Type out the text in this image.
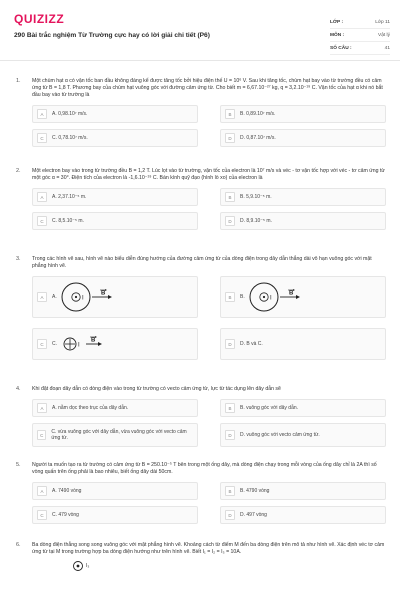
QUIZIZZ
290 Bài trắc nghiệm Từ Trường cực hay có lời giải chi tiết (P6)
LỚP :	Lớp 11
MÔN :	Vật lý
SỐ CÂU :	41
1. Một chùm hạt α có vận tốc ban đầu không đáng kể được tăng tốc bởi hiệu điện thế U = 10⁶ V. Sau khi tăng tốc, chùm hạt bay vào từ trường đều có cảm ứng từ B = 1,8 T. Phương bay của chùm hạt vuông góc với đường cảm ứng từ. Cho biết m = 6,67.10⁻²⁷ kg, q = 3,2.10⁻¹⁹ C. Vận tốc của hạt α khi nó bắt đầu bay vào từ trường là
A	A. 0,98.10⁷ m/s.	B	B. 0,89.10⁷ m/s.
C	C. 0,78.10⁷ m/s.	D	D. 0,87.10⁷ m/s.
2. Một electron bay vào trong từ trường đều B = 1,2 T. Lúc lọt vào từ trường, vận tốc của electron là 10⁷ m/s và véc - tơ vận tốc hợp với véc - tơ cảm ứng từ một góc α = 30°. Điện tích của electron là -1,6.10⁻¹⁹ C. Bán kính quỹ đạo (hình lò xo) của electron là
A	A. 2,37.10⁻⁵ m.	B	B. 5,9.10⁻⁵ m.
C	C. 8,5.10⁻⁵ m.	D	D. 8,9.10⁻⁵ m.
3. Trong các hình vẽ sau, hình vẽ nào biểu diễn đúng hướng của đường cảm ứng từ của dòng điện trong dây dẫn thẳng dài vô hạn vuông góc với mặt phẳng hình vẽ.
A	A.	I
B
B	B.	I
B
C	C.	I
B
D	D. B và C.
4. Khi đặt đoạn dây dẫn có dòng điện vào trong từ trường có vecto cảm ứng từ, lực từ tác dụng lên dây dẫn sẽ
A	A. nằm dọc theo trục của dây dẫn.	B	B. vuông góc với dây dẫn.
C	C. vừa vuông góc với dây dẫn, vừa vuông góc với vecto cảm ứng từ.	D	D. vuông góc với vecto cảm ứng từ.
5. Người ta muốn tạo ra từ trường có cảm ứng từ B = 250.10⁻⁵ T bên trong một ống dây, mà dòng điện chạy trong mỗi vòng của ống dây chỉ là 2A thì số vòng quấn trên ống phải là bao nhiêu, biết ống dây dài 50cm.
A	A. 7490 vòng	B	B. 4790 vòng
C	C. 479 vòng	D	D. 497 vòng
6. Ba dòng điện thẳng song song vuông góc với mặt phẳng hình vẽ. Khoảng cách từ điểm M đến ba dòng điện trên mô tả như hình vẽ. Xác định véc tơ cảm ứng từ tại M trong trường hợp ba dòng điện hướng như trên hình vẽ. Biết I₁ = I₂ = I₃ = 10A.
I₃
